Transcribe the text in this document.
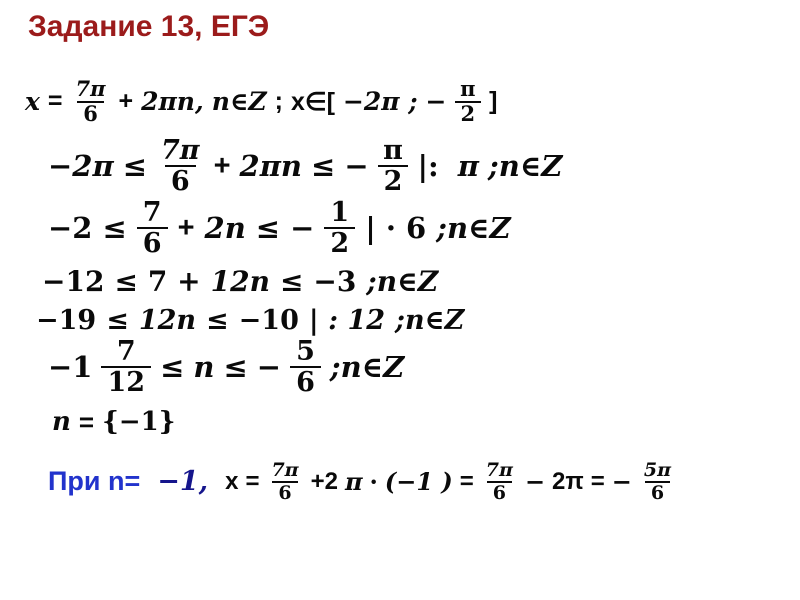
Задание 13, ЕГЭ
$x = \frac{7\pi}{6} + 2\pi n$, n∈Z ; x∈[ −2π ; − $\frac{\pi}{2}$ ]
$-2\pi \le \frac{7\pi}{6} + 2\pi n$ ≤ − $\frac{\pi}{2}$ |: π ;n∈Z
$-2 \le \frac{7}{6} + 2n$ ≤ − $\frac{1}{2}$ | · 6 ;n∈Z
−12 ≤ 7 + 12n ≤ −3 ;n∈Z
−19 ≤ 12n ≤ −10 | : 12 ;n∈Z
$-1 \frac{7}{12} \le n$ ≤ − $\frac{5}{6}$ ;n∈Z
n = {−1}
При n= −1, $x = \frac{7\pi}{6} +2$ π · (−1 ) = $\frac{7\pi}{6} - 2\pi$ = − $\frac{5\pi}{6}$
